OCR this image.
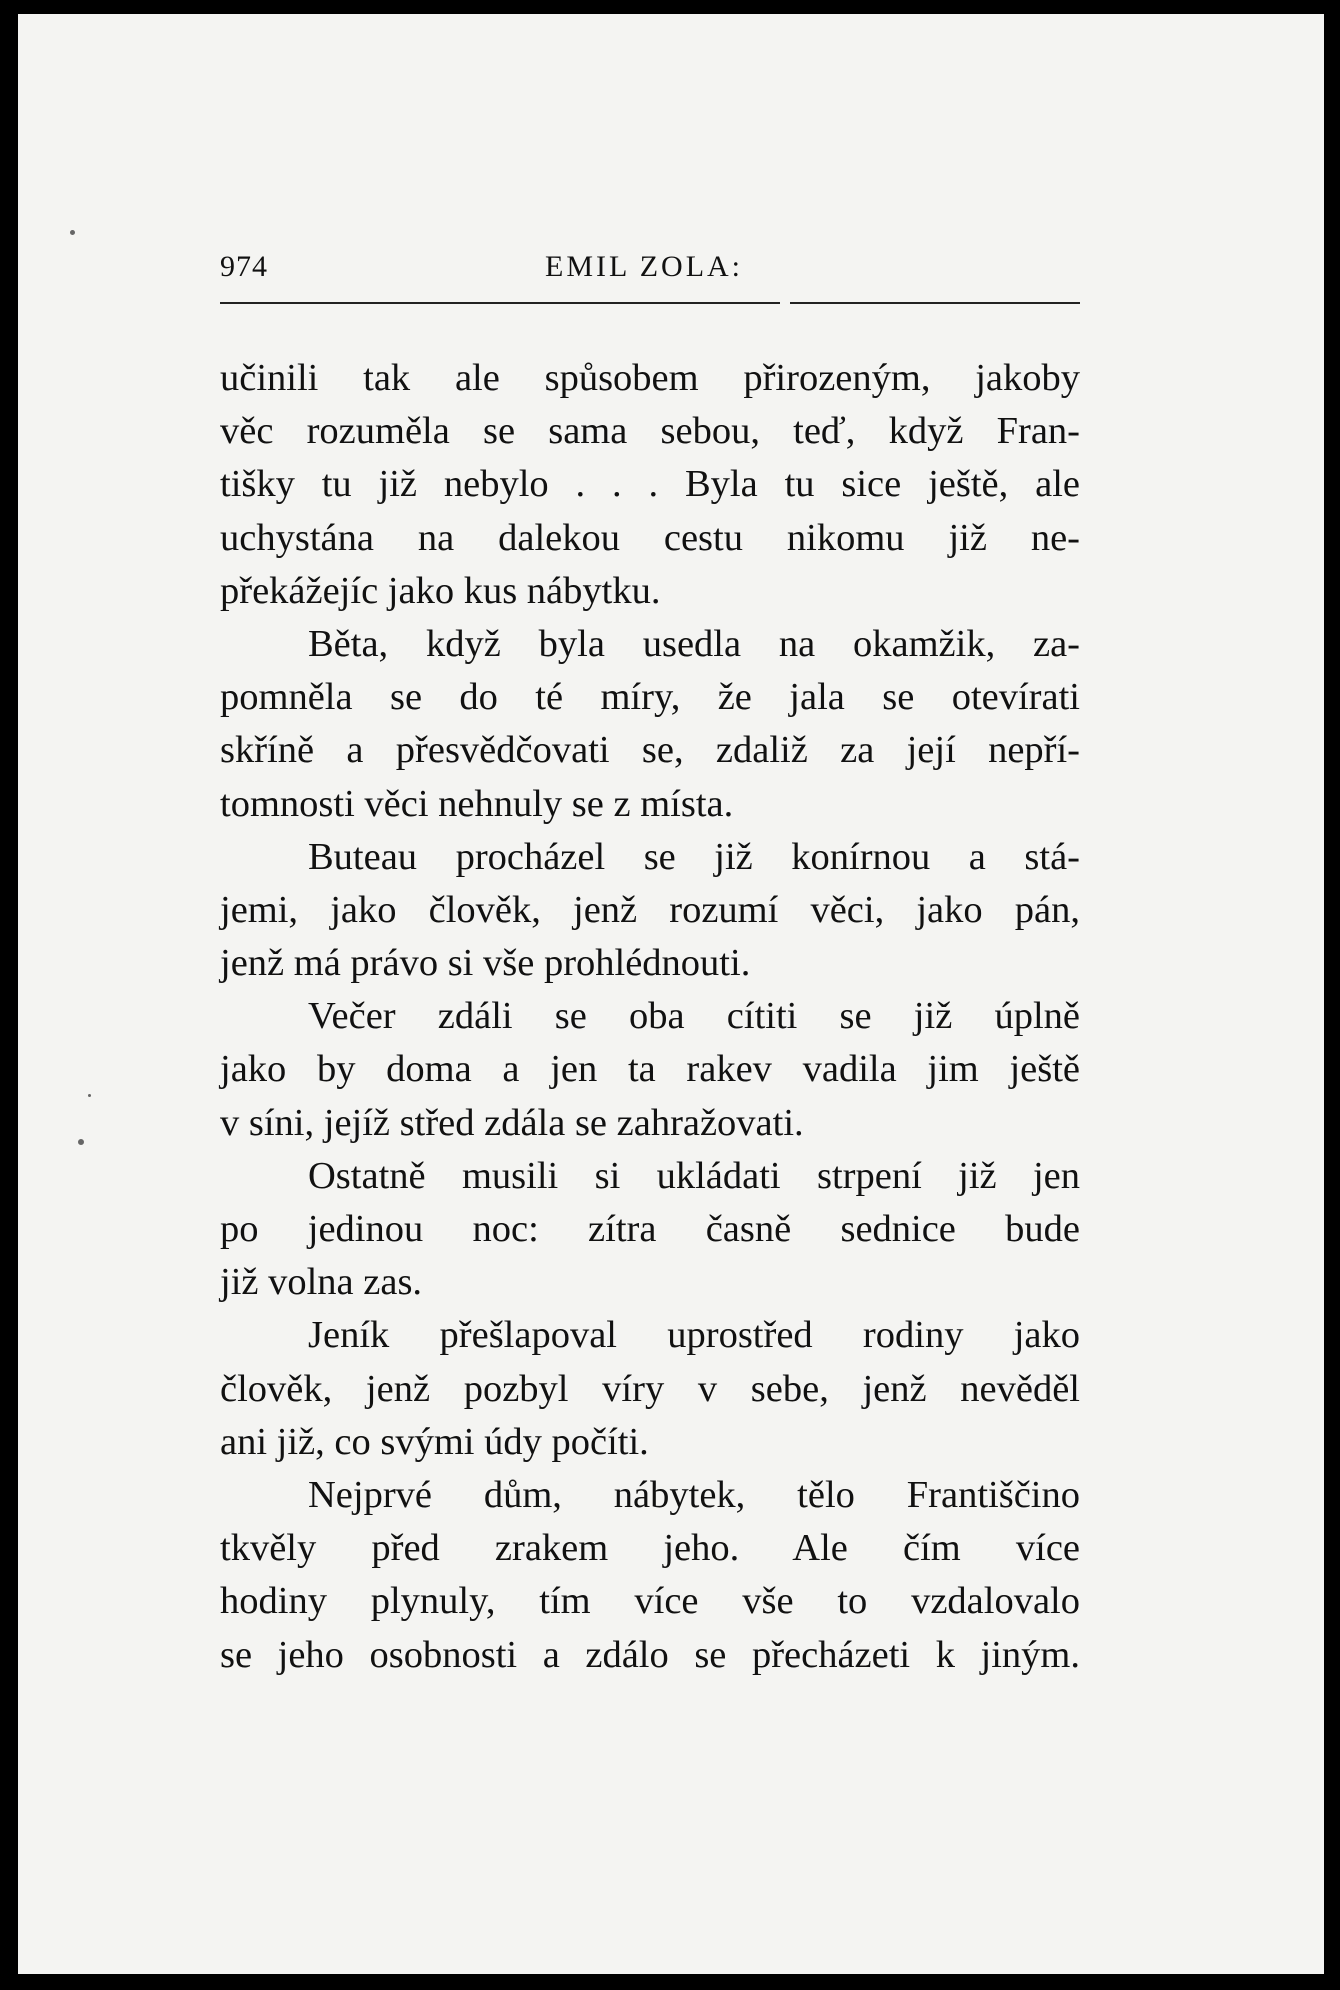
974	EMIL ZOLA:
učinili tak ale spůsobem přirozeným, jakoby
věc rozuměla se sama sebou, teď, když Fran-
tišky tu již nebylo . . . Byla tu sice ještě, ale
uchystána na dalekou cestu nikomu již ne-
překážejíc jako kus nábytku.
Běta, když byla usedla na okamžik, za-
pomněla se do té míry, že jala se otevírati
skříně a přesvědčovati se, zdaliž za její nepří-
tomnosti věci nehnuly se z místa.
Buteau procházel se již konírnou a stá-
jemi, jako člověk, jenž rozumí věci, jako pán,
jenž má právo si vše prohlédnouti.
Večer zdáli se oba cítiti se již úplně
jako by doma a jen ta rakev vadila jim ještě
v síni, jejíž střed zdála se zahražovati.
Ostatně musili si ukládati strpení již jen
po jedinou noc: zítra časně sednice bude
již volna zas.
Jeník přešlapoval uprostřed rodiny jako
člověk, jenž pozbyl víry v sebe, jenž nevěděl
ani již, co svými údy počíti.
Nejprvé dům, nábytek, tělo Františčino
tkvěly před zrakem jeho. Ale čím více
hodiny plynuly, tím více vše to vzdalovalo
se jeho osobnosti a zdálo se přecházeti k jiným.
